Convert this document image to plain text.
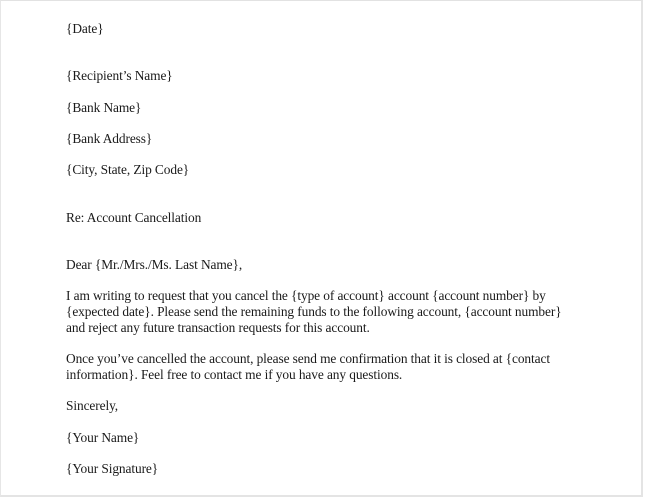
{Date}
{Recipient’s Name}
{Bank Name}
{Bank Address}
{City, State, Zip Code}
Re: Account Cancellation
Dear {Mr./Mrs./Ms. Last Name},
I am writing to request that you cancel the {type of account} account {account number} by
{expected date}. Please send the remaining funds to the following account, {account number}
and reject any future transaction requests for this account.
Once you’ve cancelled the account, please send me confirmation that it is closed at {contact
information}. Feel free to contact me if you have any questions.
Sincerely,
{Your Name}
{Your Signature}
